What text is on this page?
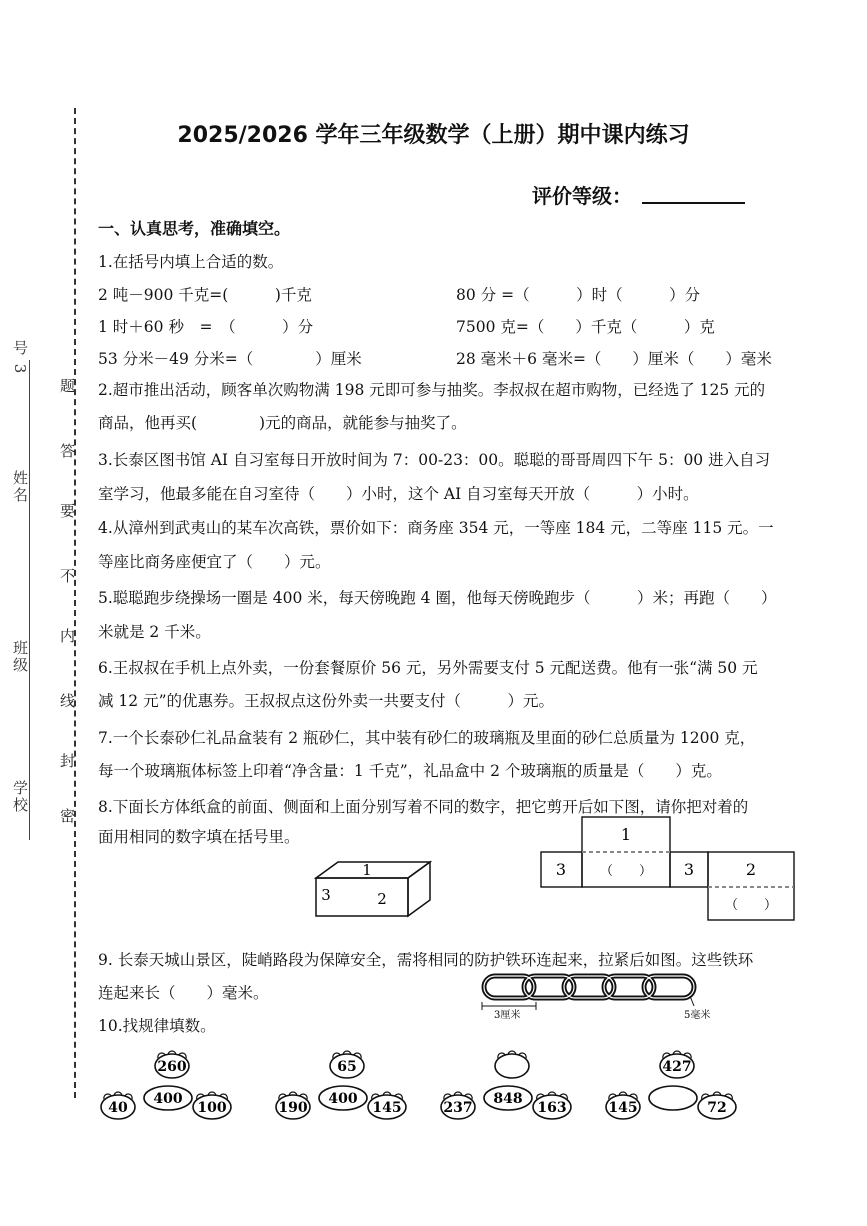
号 3
姓名
班级
学校
题
答
要
不
内
线
封
密
2025/2026 学年三年级数学（上册）期中课内练习
评价等级：
一、认真思考，准确填空。
1.在括号内填上合适的数。
2 吨－900 千克=(　　　)千克	80 分 =（　　　）时（　　　）分
1 时＋60 秒　=　（　　　）分	7500 克=（　　）千克（　　　）克
53 分米－49 分米=（　　　　）厘米	28 毫米＋6 毫米=（　　）厘米（　　）毫米
2.超市推出活动，顾客单次购物满 198 元即可参与抽奖。李叔叔在超市购物，已经选了 125 元的
商品，他再买(　　　　)元的商品，就能参与抽奖了。
3.长泰区图书馆 AI 自习室每日开放时间为 7：00-23：00。聪聪的哥哥周四下午 5：00 进入自习
室学习，他最多能在自习室待（　　）小时，这个 AI 自习室每天开放（　　　）小时。
4.从漳州到武夷山的某车次高铁，票价如下：商务座 354 元，一等座 184 元，二等座 115 元。一
等座比商务座便宜了（　　）元。
5.聪聪跑步绕操场一圈是 400 米，每天傍晚跑 4 圈，他每天傍晚跑步（　　　）米；再跑（　　）
米就是 2 千米。
6.王叔叔在手机上点外卖，一份套餐原价 56 元，另外需要支付 5 元配送费。他有一张“满 50 元
减 12 元”的优惠券。王叔叔点这份外卖一共要支付（　　　）元。
7.一个长泰砂仁礼品盒装有 2 瓶砂仁，其中装有砂仁的玻璃瓶及里面的砂仁总质量为 1200 克，
每一个玻璃瓶体标签上印着“净含量：1 千克”，礼品盒中 2 个玻璃瓶的质量是（　　）克。
8.下面长方体纸盒的前面、侧面和上面分别写着不同的数字，把它剪开后如下图，请你把对着的
面用相同的数字填在括号里。
1
3	2
1
3	（　　） 3	2
（　　）
9. 长泰天城山景区，陡峭路段为保障安全，需将相同的防护铁环连起来，拉紧后如图。这些铁环
连起来长（　　）毫米。
3厘米	5毫米
10.找规律填数。
260
400
40	100
65
400
190	145
848
237	163
427
145	72
